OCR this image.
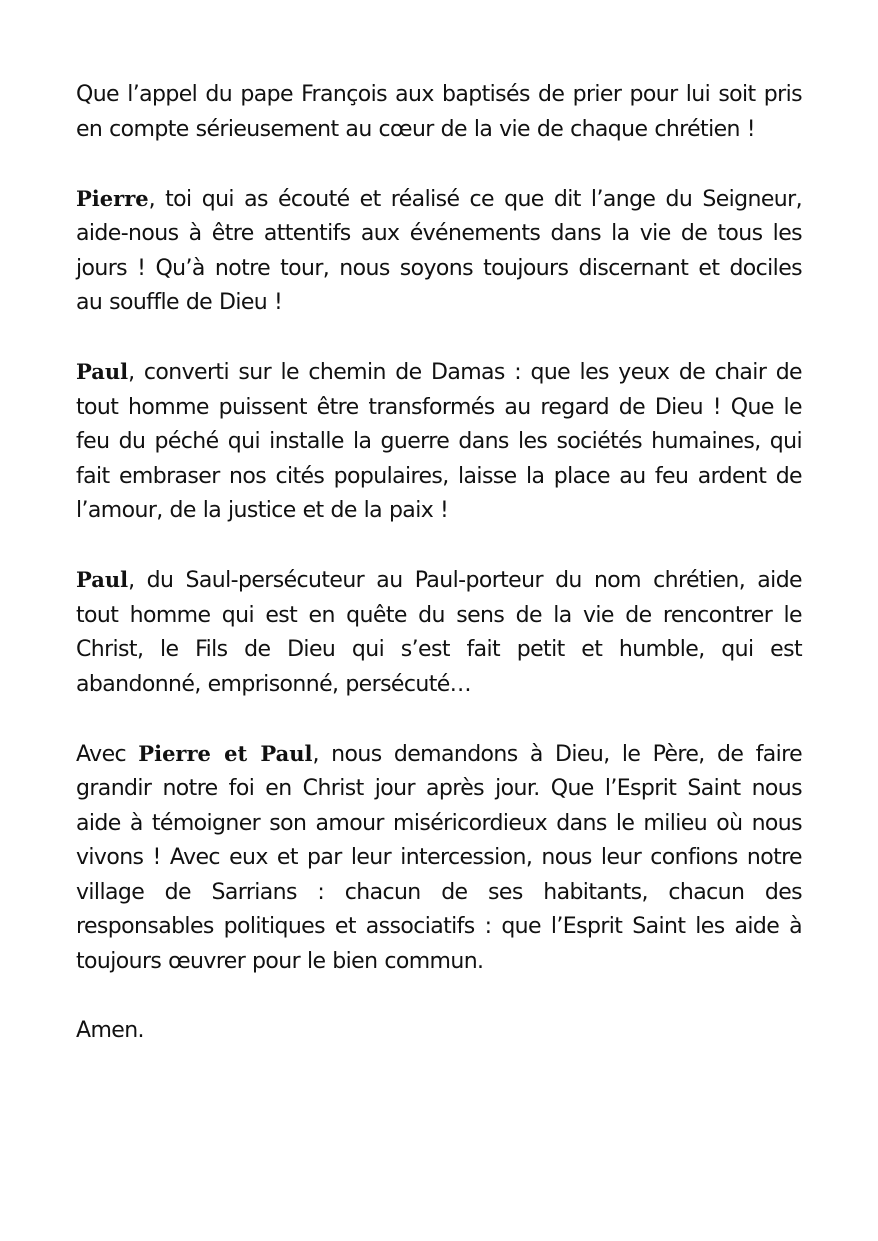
Que l’appel du pape François aux baptisés de prier pour lui soit pris en compte sérieusement au cœur de la vie de chaque chrétien !

Pierre, toi qui as écouté et réalisé ce que dit l’ange du Seigneur, aide-nous à être attentifs aux événements dans la vie de tous les jours ! Qu’à notre tour, nous soyons toujours discernant et dociles au souffle de Dieu !

Paul, converti sur le chemin de Damas : que les yeux de chair de tout homme puissent être transformés au regard de Dieu ! Que le feu du péché qui installe la guerre dans les sociétés humaines, qui fait embraser nos cités populaires, laisse la place au feu ardent de l’amour, de la justice et de la paix !

Paul, du Saul-persécuteur au Paul-porteur du nom chrétien, aide tout homme qui est en quête du sens de la vie de rencontrer le Christ, le Fils de Dieu qui s’est fait petit et humble, qui est abandonné, emprisonné, persécuté…

Avec Pierre et Paul, nous demandons à Dieu, le Père, de faire grandir notre foi en Christ jour après jour. Que l’Esprit Saint nous aide à témoigner son amour miséricordieux dans le milieu où nous vivons ! Avec eux et par leur intercession, nous leur confions notre village de Sarrians : chacun de ses habitants, chacun des responsables politiques et associatifs : que l’Esprit Saint les aide à toujours œuvrer pour le bien commun.

Amen.
